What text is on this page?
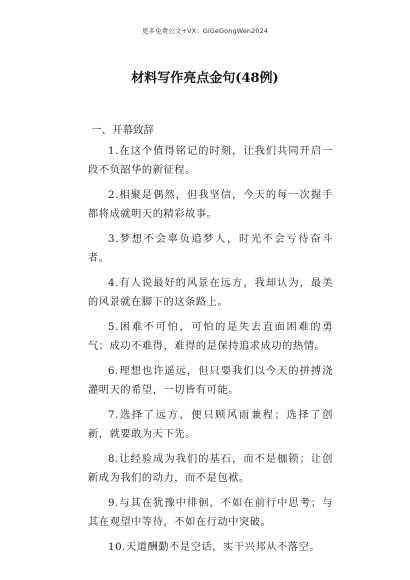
更多免费公文+VX：GiGeGongWen2024
材料写作亮点金句(48例)
一、开幕致辞
1.在这个值得铭记的时刻，让我们共同开启一段不负韶华的新征程。
2.相聚是偶然，但我坚信，今天的每一次握手都将成就明天的精彩故事。
3.梦想不会辜负追梦人，时光不会亏待奋斗者。
4.有人说最好的风景在远方，我却认为，最美的风景就在脚下的这条路上。
5.困难不可怕，可怕的是失去直面困难的勇气；成功不难得，难得的是保持追求成功的热情。
6.理想也许遥远，但只要我们以今天的拼搏浇灌明天的希望，一切皆有可能。
7.选择了远方，便只顾风雨兼程；选择了创新，就要敢为天下先。
8.让经验成为我们的基石，而不是枷锁；让创新成为我们的动力，而不是包袱。
9.与其在犹豫中徘徊，不如在前行中思考；与其在观望中等待，不如在行动中突破。
10.天道酬勤不是空话，实干兴邦从不落空。
